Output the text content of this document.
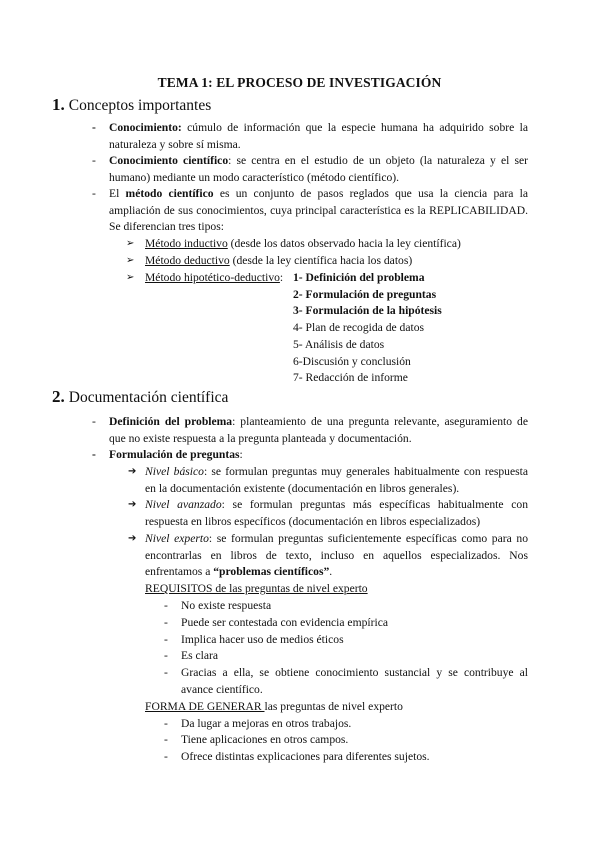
TEMA 1: EL PROCESO DE INVESTIGACIÓN
1. Conceptos importantes
- Conocimiento: cúmulo de información que la especie humana ha adquirido sobre la naturaleza y sobre sí misma.
- Conocimiento científico: se centra en el estudio de un objeto (la naturaleza y el ser humano) mediante un modo característico (método científico).
- El método científico es un conjunto de pasos reglados que usa la ciencia para la ampliación de sus conocimientos, cuya principal característica es la REPLICABILIDAD. Se diferencian tres tipos:
➢ Método inductivo (desde los datos observado hacia la ley científica)
➢ Método deductivo (desde la ley científica hacia los datos)
➢ Método hipotético-deductivo: 1- Definición del problema
2- Formulación de preguntas
3- Formulación de la hipótesis
4- Plan de recogida de datos
5- Análisis de datos
6-Discusión y conclusión
7- Redacción de informe
2. Documentación científica
- Definición del problema: planteamiento de una pregunta relevante, aseguramiento de que no existe respuesta a la pregunta planteada y documentación.
- Formulación de preguntas:
➔ Nivel básico: se formulan preguntas muy generales habitualmente con respuesta en la documentación existente (documentación en libros generales).
➔ Nivel avanzado: se formulan preguntas más específicas habitualmente con respuesta en libros específicos (documentación en libros especializados)
➔ Nivel experto: se formulan preguntas suficientemente específicas como para no encontrarlas en libros de texto, incluso en aquellos especializados. Nos enfrentamos a “problemas científicos”.
REQUISITOS de las preguntas de nivel experto
- No existe respuesta
- Puede ser contestada con evidencia empírica
- Implica hacer uso de medios éticos
- Es clara
- Gracias a ella, se obtiene conocimiento sustancial y se contribuye al avance científico.
FORMA DE GENERAR las preguntas de nivel experto
- Da lugar a mejoras en otros trabajos.
- Tiene aplicaciones en otros campos.
- Ofrece distintas explicaciones para diferentes sujetos.
